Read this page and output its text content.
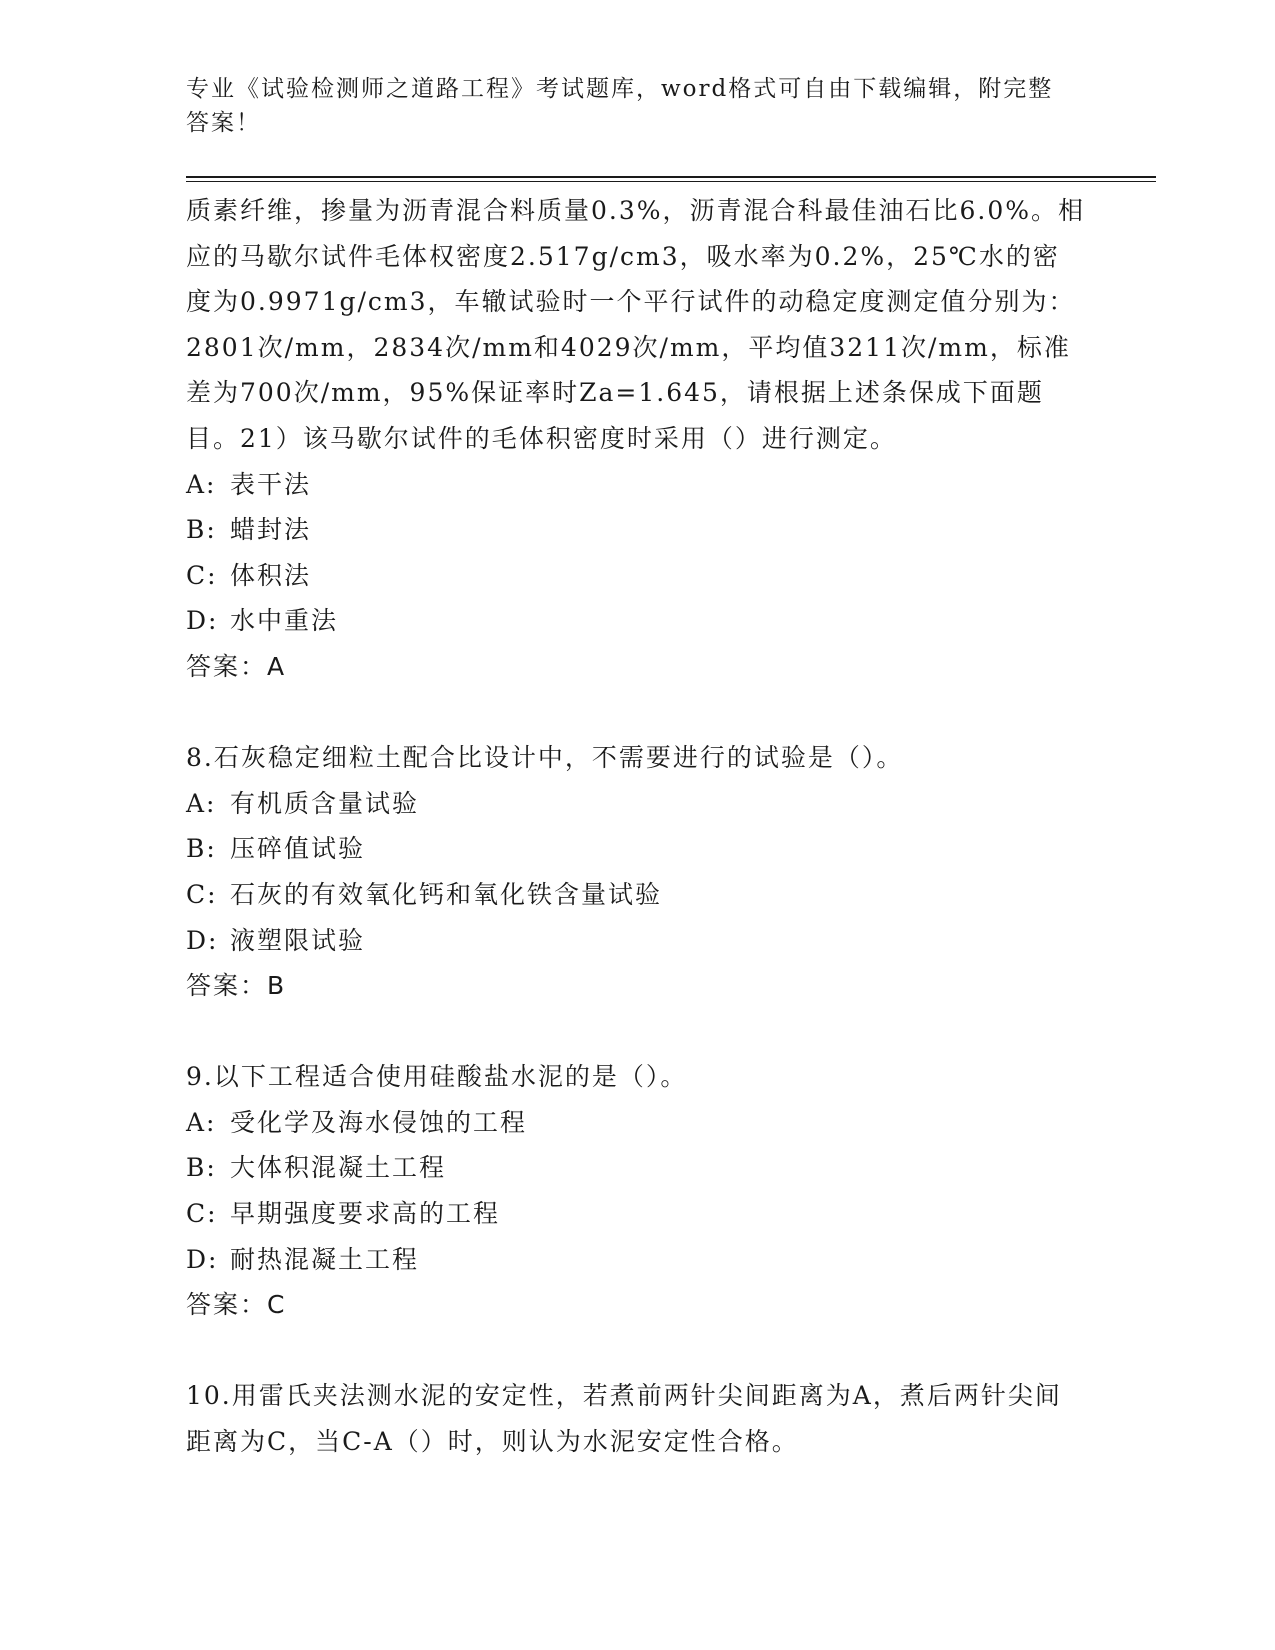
专业《试验检测师之道路工程》考试题库，word格式可自由下载编辑，附完整答案！

质素纤维，掺量为沥青混合料质量0.3%，沥青混合科最佳油石比6.0%。相应的马歇尔试件毛体权密度2.517g/cm3，吸水率为0.2%，25℃水的密度为0.9971g/cm3，车辙试验时一个平行试件的动稳定度测定值分别为：2801次/mm，2834次/mm和4029次/mm，平均值3211次/mm，标准差为700次/mm，95%保证率时Za=1.645，请根据上述条保成下面题目。21）该马歇尔试件的毛体积密度时采用（）进行测定。

A: 表干法

B: 蜡封法

C: 体积法

D: 水中重法

答案：A

8.石灰稳定细粒土配合比设计中，不需要进行的试验是（）。

A: 有机质含量试验

B: 压碎值试验

C: 石灰的有效氧化钙和氧化铁含量试验

D: 液塑限试验

答案：B

9.以下工程适合使用硅酸盐水泥的是（）。

A: 受化学及海水侵蚀的工程

B: 大体积混凝土工程

C: 早期强度要求高的工程

D: 耐热混凝土工程

答案：C

10.用雷氏夹法测水泥的安定性，若煮前两针尖间距离为A，煮后两针尖间距离为C，当C-A（）时，则认为水泥安定性合格。
